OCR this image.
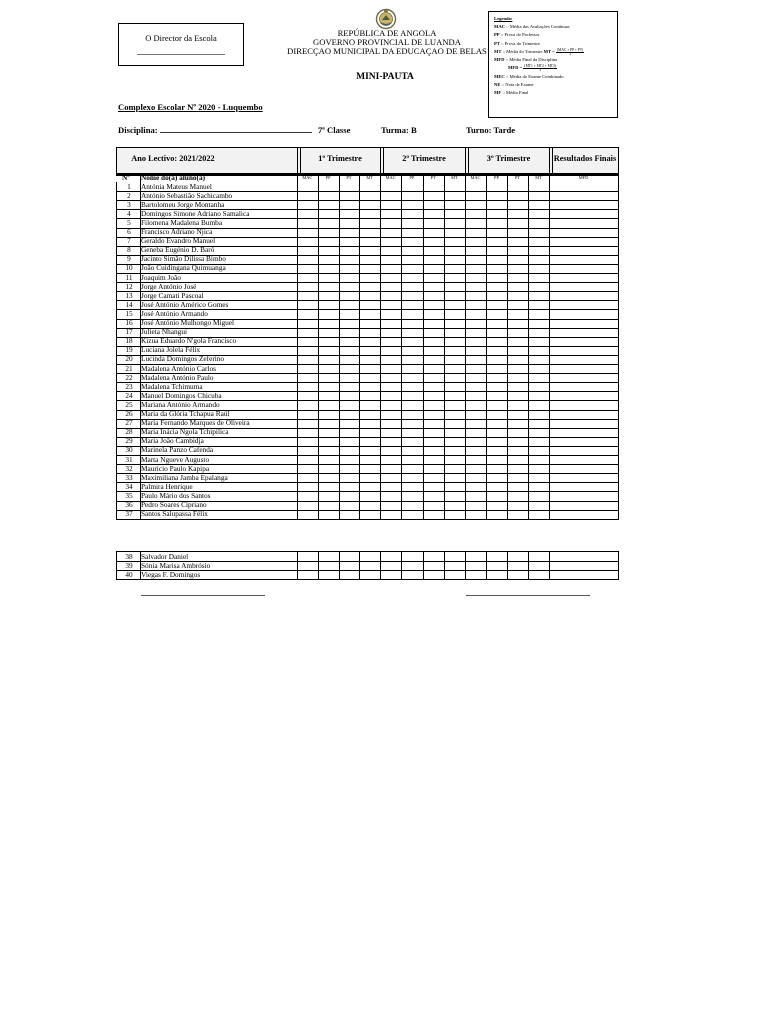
O Director da Escola	REPÚBLICA DE ANGOLA
GOVERNO PROVINCIAL DE LUANDA
DIRECÇAO MUNICIPAL DA EDUCAÇAO DE BELAS
MINI-PAUTA
Legenda:
MAC :: Média das Avaliações Contínuas
PP :: Prova do Professor
PT :: Prova do Trimestre
MT :: Média do Trimestre MT = $\frac{\text{(MAC + PP + PT)}}{3}$
MFD :: Média Final da Disciplina
MFD = $\frac{(MT1 + MT2 + MT3)}{3}$
MEC :: Média do Exame Combinado
NE :: Nota de Exame
MF :: Média Final
Complexo Escolar Nº 2020 - Luquembo
Disciplina:	7ª Classe	Turma: B	Turno: Tarde
Ano Lectivo: 2021/2022	1º Trimestre	2º Trimestre	3º Trimestre	Resultados Finais
Nº	Nome do(a) aluno(a)	MAC	PP	PT	MT	MAC	PP	PT	MT	MAC	PP	PT	MT	MFD
1	Antónia Mateus Manuel
2	António Sebastião Sachicambo
3	Bartolomeu Jorge Montanha
4	Domingos Simone Adriano Samalica
5	Filomena Madalena Bumba
6	Francisco Adriano Njica
7	Geraldo Evandro Manuel
8	Geneba Eugénio D. Baró
9	Jacinto Simão Dilissa Bimbo
10	João Cuidingana Quimuanga
11	Joaquim João
12	Jorge António José
13	Jorge Camati Pascoal
14	José António Américo Gomes
15	José António Armando
16	José António Mulhongo Miguel
17	Julieta Nhangui
18	Kizua Eduardo N'gola Francisco
19	Luciana Jolela Félix
20	Lucinda Domingos Zeferino
21	Madalena António Carlos
22	Madalena António Paulo
23	Madalena Tchimuma
24	Manuel Domingos Chicuba
25	Mariana António Armando
26	Maria da Glória Tchapua Raúl
27	Maria Fernando Marques de Oliveira
28	Maria Inácia Ngola Tchipilica
29	Maria João Cambidja
30	Marinela Panzo Cafenda
31	Marta Ngueve Augusto
32	Mauricio Paulo Kapipa
33	Maximiliana Jamba Epalanga
34	Palmira Henrique
35	Paulo Mário dos Santos
36	Pedro Soares Cipriano
37	Santos Salupassa Félix
38	Salvador Daniel
39	Sónia Marisa Ambrósio
40	Viegas F. Domingos
